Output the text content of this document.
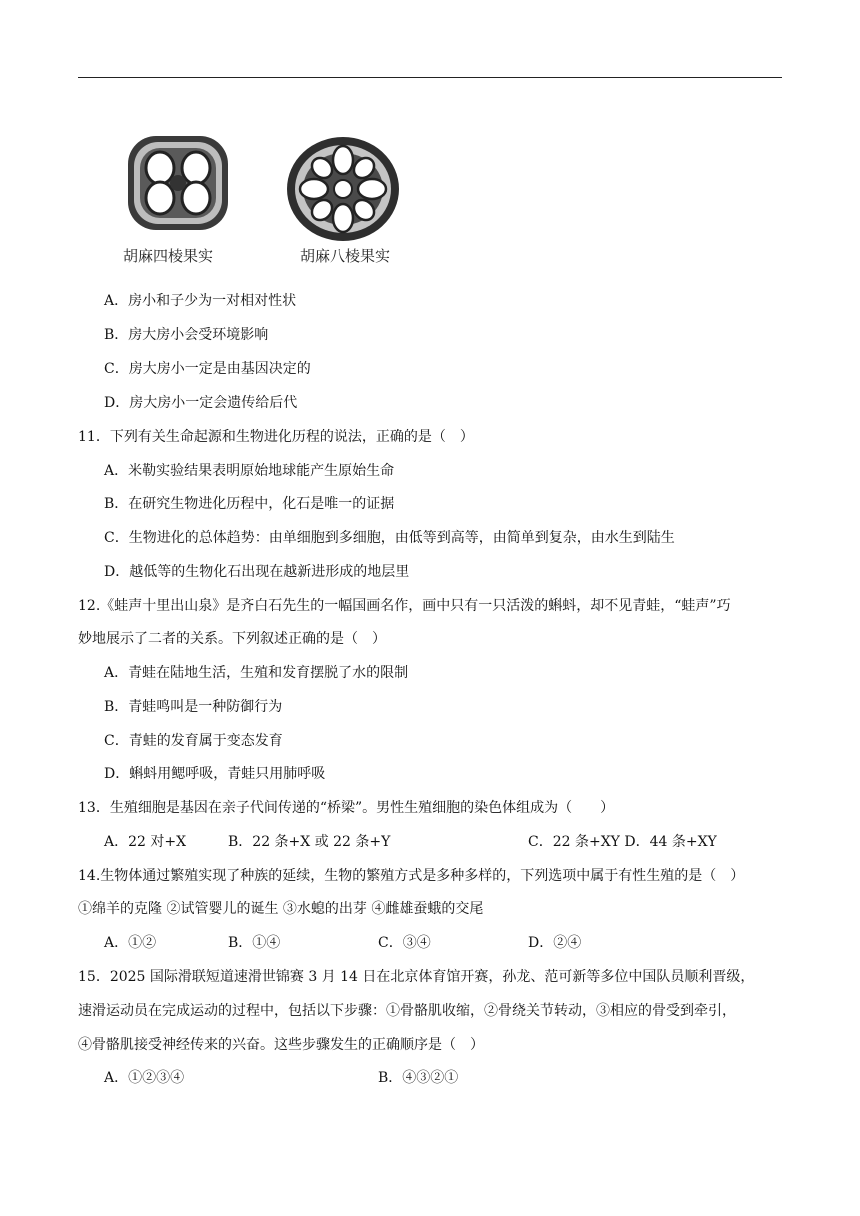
胡麻四棱果实	胡麻八棱果实
A．房小和子少为一对相对性状
B．房大房小会受环境影响
C．房大房小一定是由基因决定的
D．房大房小一定会遗传给后代
11．下列有关生命起源和生物进化历程的说法，正确的是（　）
A．米勒实验结果表明原始地球能产生原始生命
B．在研究生物进化历程中，化石是唯一的证据
C．生物进化的总体趋势：由单细胞到多细胞，由低等到高等，由简单到复杂，由水生到陆生
D．越低等的生物化石出现在越新进形成的地层里
12.《蛙声十里出山泉》是齐白石先生的一幅国画名作，画中只有一只活泼的蝌蚪，却不见青蛙，“蛙声”巧
妙地展示了二者的关系。下列叙述正确的是（　）
A．青蛙在陆地生活，生殖和发育摆脱了水的限制
B．青蛙鸣叫是一种防御行为
C．青蛙的发育属于变态发育
D．蝌蚪用鳃呼吸，青蛙只用肺呼吸
13．生殖细胞是基因在亲子代间传递的“桥梁”。男性生殖细胞的染色体组成为（　　）
A．22 对+X	B．22 条+X 或 22 条+Y	C．22 条+XY D．44 条+XY
14.生物体通过繁殖实现了种族的延续，生物的繁殖方式是多种多样的，下列选项中属于有性生殖的是（　）
①绵羊的克隆 ②试管婴儿的诞生 ③水螅的出芽 ④雌雄蚕蛾的交尾
A．①②	B．①④	C．③④	D．②④
15．2025 国际滑联短道速滑世锦赛 3 月 14 日在北京体育馆开赛，孙龙、范可新等多位中国队员顺利晋级，
速滑运动员在完成运动的过程中，包括以下步骤：①骨骼肌收缩，②骨绕关节转动，③相应的骨受到牵引，
④骨骼肌接受神经传来的兴奋。这些步骤发生的正确顺序是（　）
A．①②③④	B．④③②①
